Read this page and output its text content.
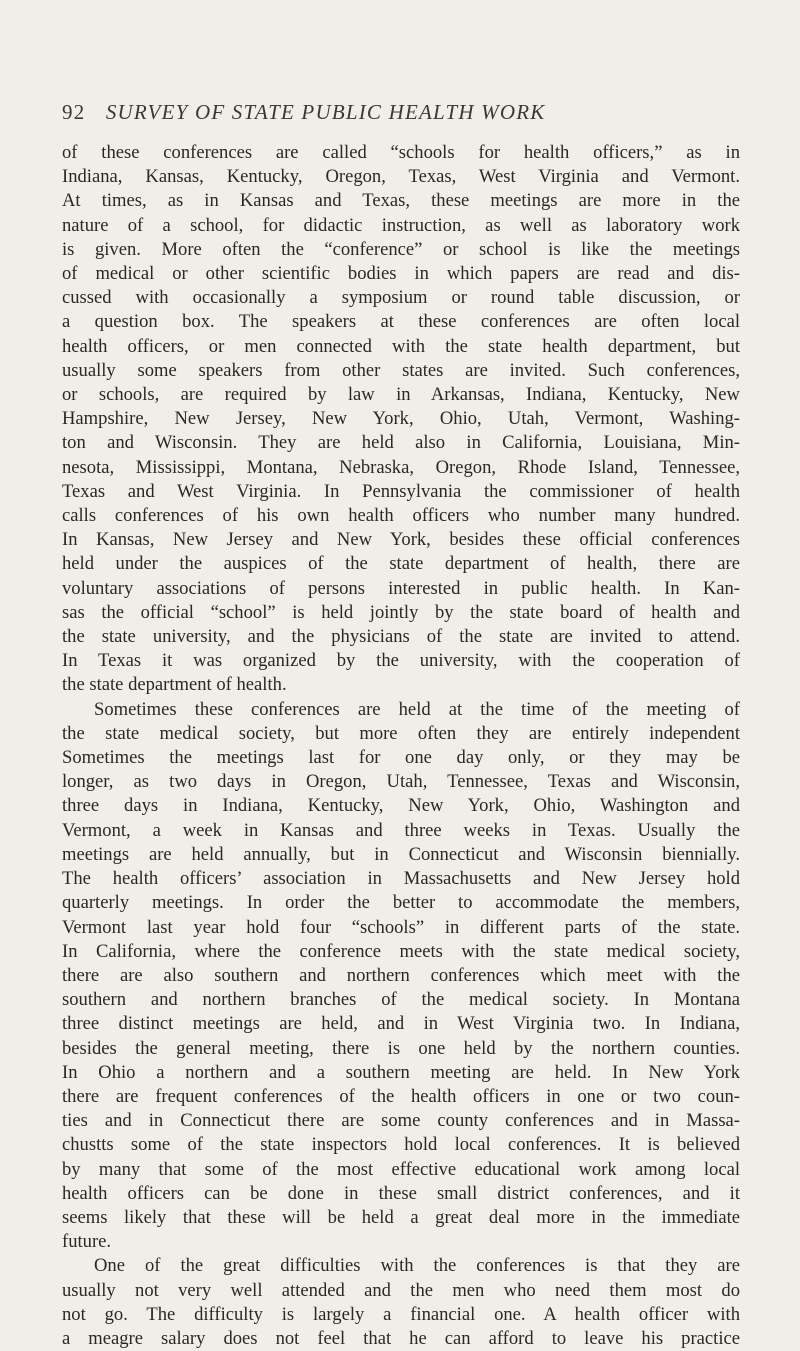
92 SURVEY OF STATE PUBLIC HEALTH WORK
of these conferences are called “schools for health officers,” as in
Indiana, Kansas, Kentucky, Oregon, Texas, West Virginia and Vermont.
At times, as in Kansas and Texas, these meetings are more in the
nature of a school, for didactic instruction, as well as laboratory work
is given. More often the “conference” or school is like the meetings
of medical or other scientific bodies in which papers are read and dis-
cussed with occasionally a symposium or round table discussion, or
a question box. The speakers at these conferences are often local
health officers, or men connected with the state health department, but
usually some speakers from other states are invited. Such conferences,
or schools, are required by law in Arkansas, Indiana, Kentucky, New
Hampshire, New Jersey, New York, Ohio, Utah, Vermont, Washing-
ton and Wisconsin. They are held also in California, Louisiana, Min-
nesota, Mississippi, Montana, Nebraska, Oregon, Rhode Island, Tennessee,
Texas and West Virginia. In Pennsylvania the commissioner of health
calls conferences of his own health officers who number many hundred.
In Kansas, New Jersey and New York, besides these official conferences
held under the auspices of the state department of health, there are
voluntary associations of persons interested in public health. In Kan-
sas the official “school” is held jointly by the state board of health and
the state university, and the physicians of the state are invited to attend.
In Texas it was organized by the university, with the cooperation of
the state department of health.
Sometimes these conferences are held at the time of the meeting of
the state medical society, but more often they are entirely independent
Sometimes the meetings last for one day only, or they may be
longer, as two days in Oregon, Utah, Tennessee, Texas and Wisconsin,
three days in Indiana, Kentucky, New York, Ohio, Washington and
Vermont, a week in Kansas and three weeks in Texas. Usually the
meetings are held annually, but in Connecticut and Wisconsin biennially.
The health officers’ association in Massachusetts and New Jersey hold
quarterly meetings. In order the better to accommodate the members,
Vermont last year hold four “schools” in different parts of the state.
In California, where the conference meets with the state medical society,
there are also southern and northern conferences which meet with the
southern and northern branches of the medical society. In Montana
three distinct meetings are held, and in West Virginia two. In Indiana,
besides the general meeting, there is one held by the northern counties.
In Ohio a northern and a southern meeting are held. In New York
there are frequent conferences of the health officers in one or two coun-
ties and in Connecticut there are some county conferences and in Massa-
chustts some of the state inspectors hold local conferences. It is believed
by many that some of the most effective educational work among local
health officers can be done in these small district conferences, and it
seems likely that these will be held a great deal more in the immediate
future.
One of the great difficulties with the conferences is that they are
usually not very well attended and the men who need them most do
not go. The difficulty is largely a financial one. A health officer with
a meagre salary does not feel that he can afford to leave his practice
